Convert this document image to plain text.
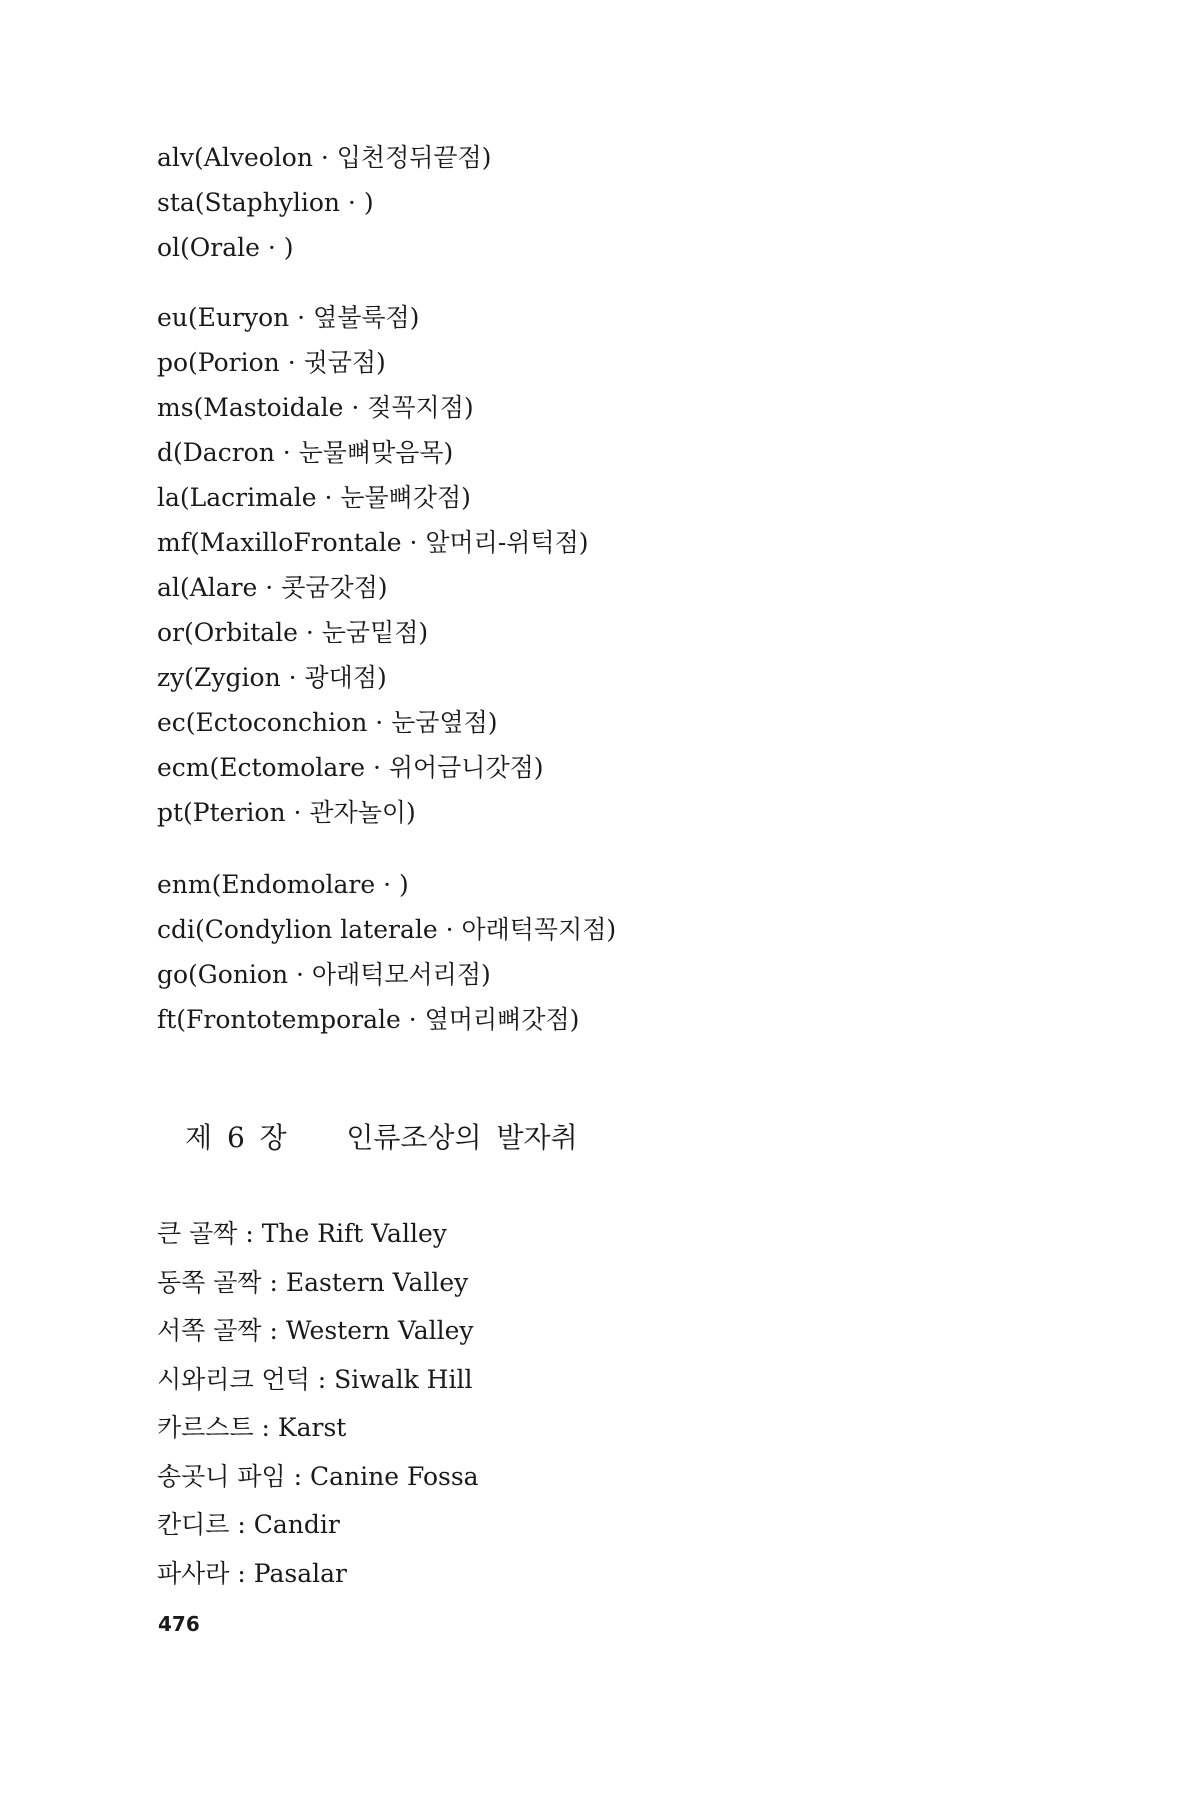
alv(Alveolon · 입천정뒤끝점)
sta(Staphylion · )
ol(Orale · )
eu(Euryon · 옆불룩점)
po(Porion · 귓굼점)
ms(Mastoidale · 젖꼭지점)
d(Dacron · 눈물뼈맞음목)
la(Lacrimale · 눈물뼈갓점)
mf(MaxilloFrontale · 앞머리-위턱점)
al(Alare · 콧굼갓점)
or(Orbitale · 눈굼밑점)
zy(Zygion · 광대점)
ec(Ectoconchion · 눈굼옆점)
ecm(Ectomolare · 위어금니갓점)
pt(Pterion · 관자놀이)
enm(Endomolare · )
cdi(Condylion laterale · 아래턱꼭지점)
go(Gonion · 아래턱모서리점)
ft(Frontotemporale · 옆머리뼈갓점)
제 6 장 인류조상의 발자취
큰 골짝 : The Rift Valley
동쪽 골짝 : Eastern Valley
서쪽 골짝 : Western Valley
시와리크 언덕 : Siwalk Hill
카르스트 : Karst
송곳니 파임 : Canine Fossa
칸디르 : Candir
파사라 : Pasalar
476
